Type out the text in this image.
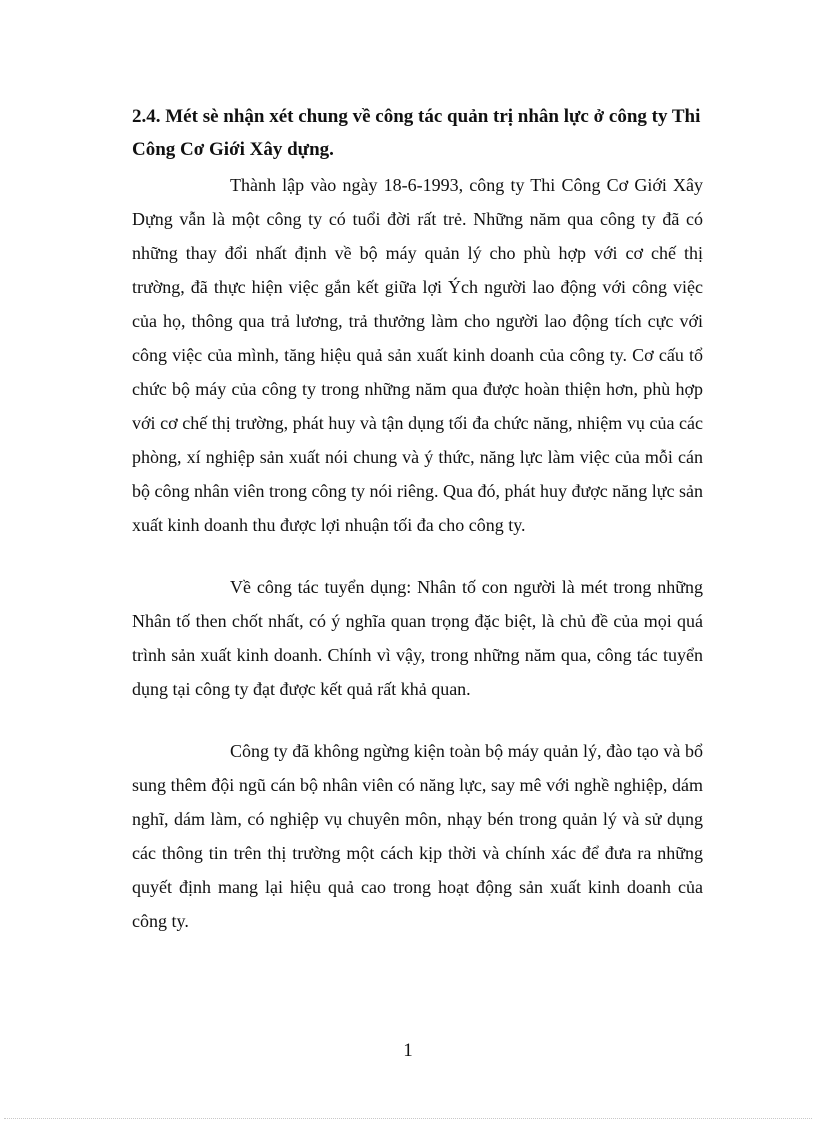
2.4. Mét sè nhận xét chung về công tác quản trị nhân lực ở công ty Thi Công Cơ Giới Xây dựng.

Thành lập vào ngày 18-6-1993, công ty Thi Công Cơ Giới Xây Dựng vẫn là một công ty có tuổi đời rất trẻ. Những năm qua công ty đã có những thay đổi nhất định về bộ máy quản lý cho phù hợp với cơ chế thị trường, đã thực hiện việc gắn kết giữa lợi Ých người lao động với công việc của họ, thông qua trả lương, trả thưởng làm cho người lao động tích cực với công việc của mình, tăng hiệu quả sản xuất kinh doanh của công ty. Cơ cấu tổ chức bộ máy của công ty trong những năm qua được hoàn thiện hơn, phù hợp với cơ chế thị trường, phát huy và tận dụng tối đa chức năng, nhiệm vụ của các phòng, xí nghiệp sản xuất nói chung và ý thức, năng lực làm việc của mỗi cán bộ công nhân viên trong công ty nói riêng. Qua đó, phát huy được năng lực sản xuất kinh doanh thu được lợi nhuận tối đa cho công ty.

Về công tác tuyển dụng: Nhân tố con người là mét trong những Nhân tố then chốt nhất, có ý nghĩa quan trọng đặc biệt, là chủ đề của mọi quá trình sản xuất kinh doanh. Chính vì vậy, trong những năm qua, công tác tuyển dụng tại công ty đạt được kết quả rất khả quan.

Công ty đã không ngừng kiện toàn bộ máy quản lý, đào tạo và bổ sung thêm đội ngũ cán bộ nhân viên có năng lực, say mê với nghề nghiệp, dám nghĩ, dám làm, có nghiệp vụ chuyên môn, nhạy bén trong quản lý và sử dụng các thông tin trên thị trường một cách kịp thời và chính xác để đưa ra những quyết định mang lại hiệu quả cao trong hoạt động sản xuất kinh doanh của công ty.

1
